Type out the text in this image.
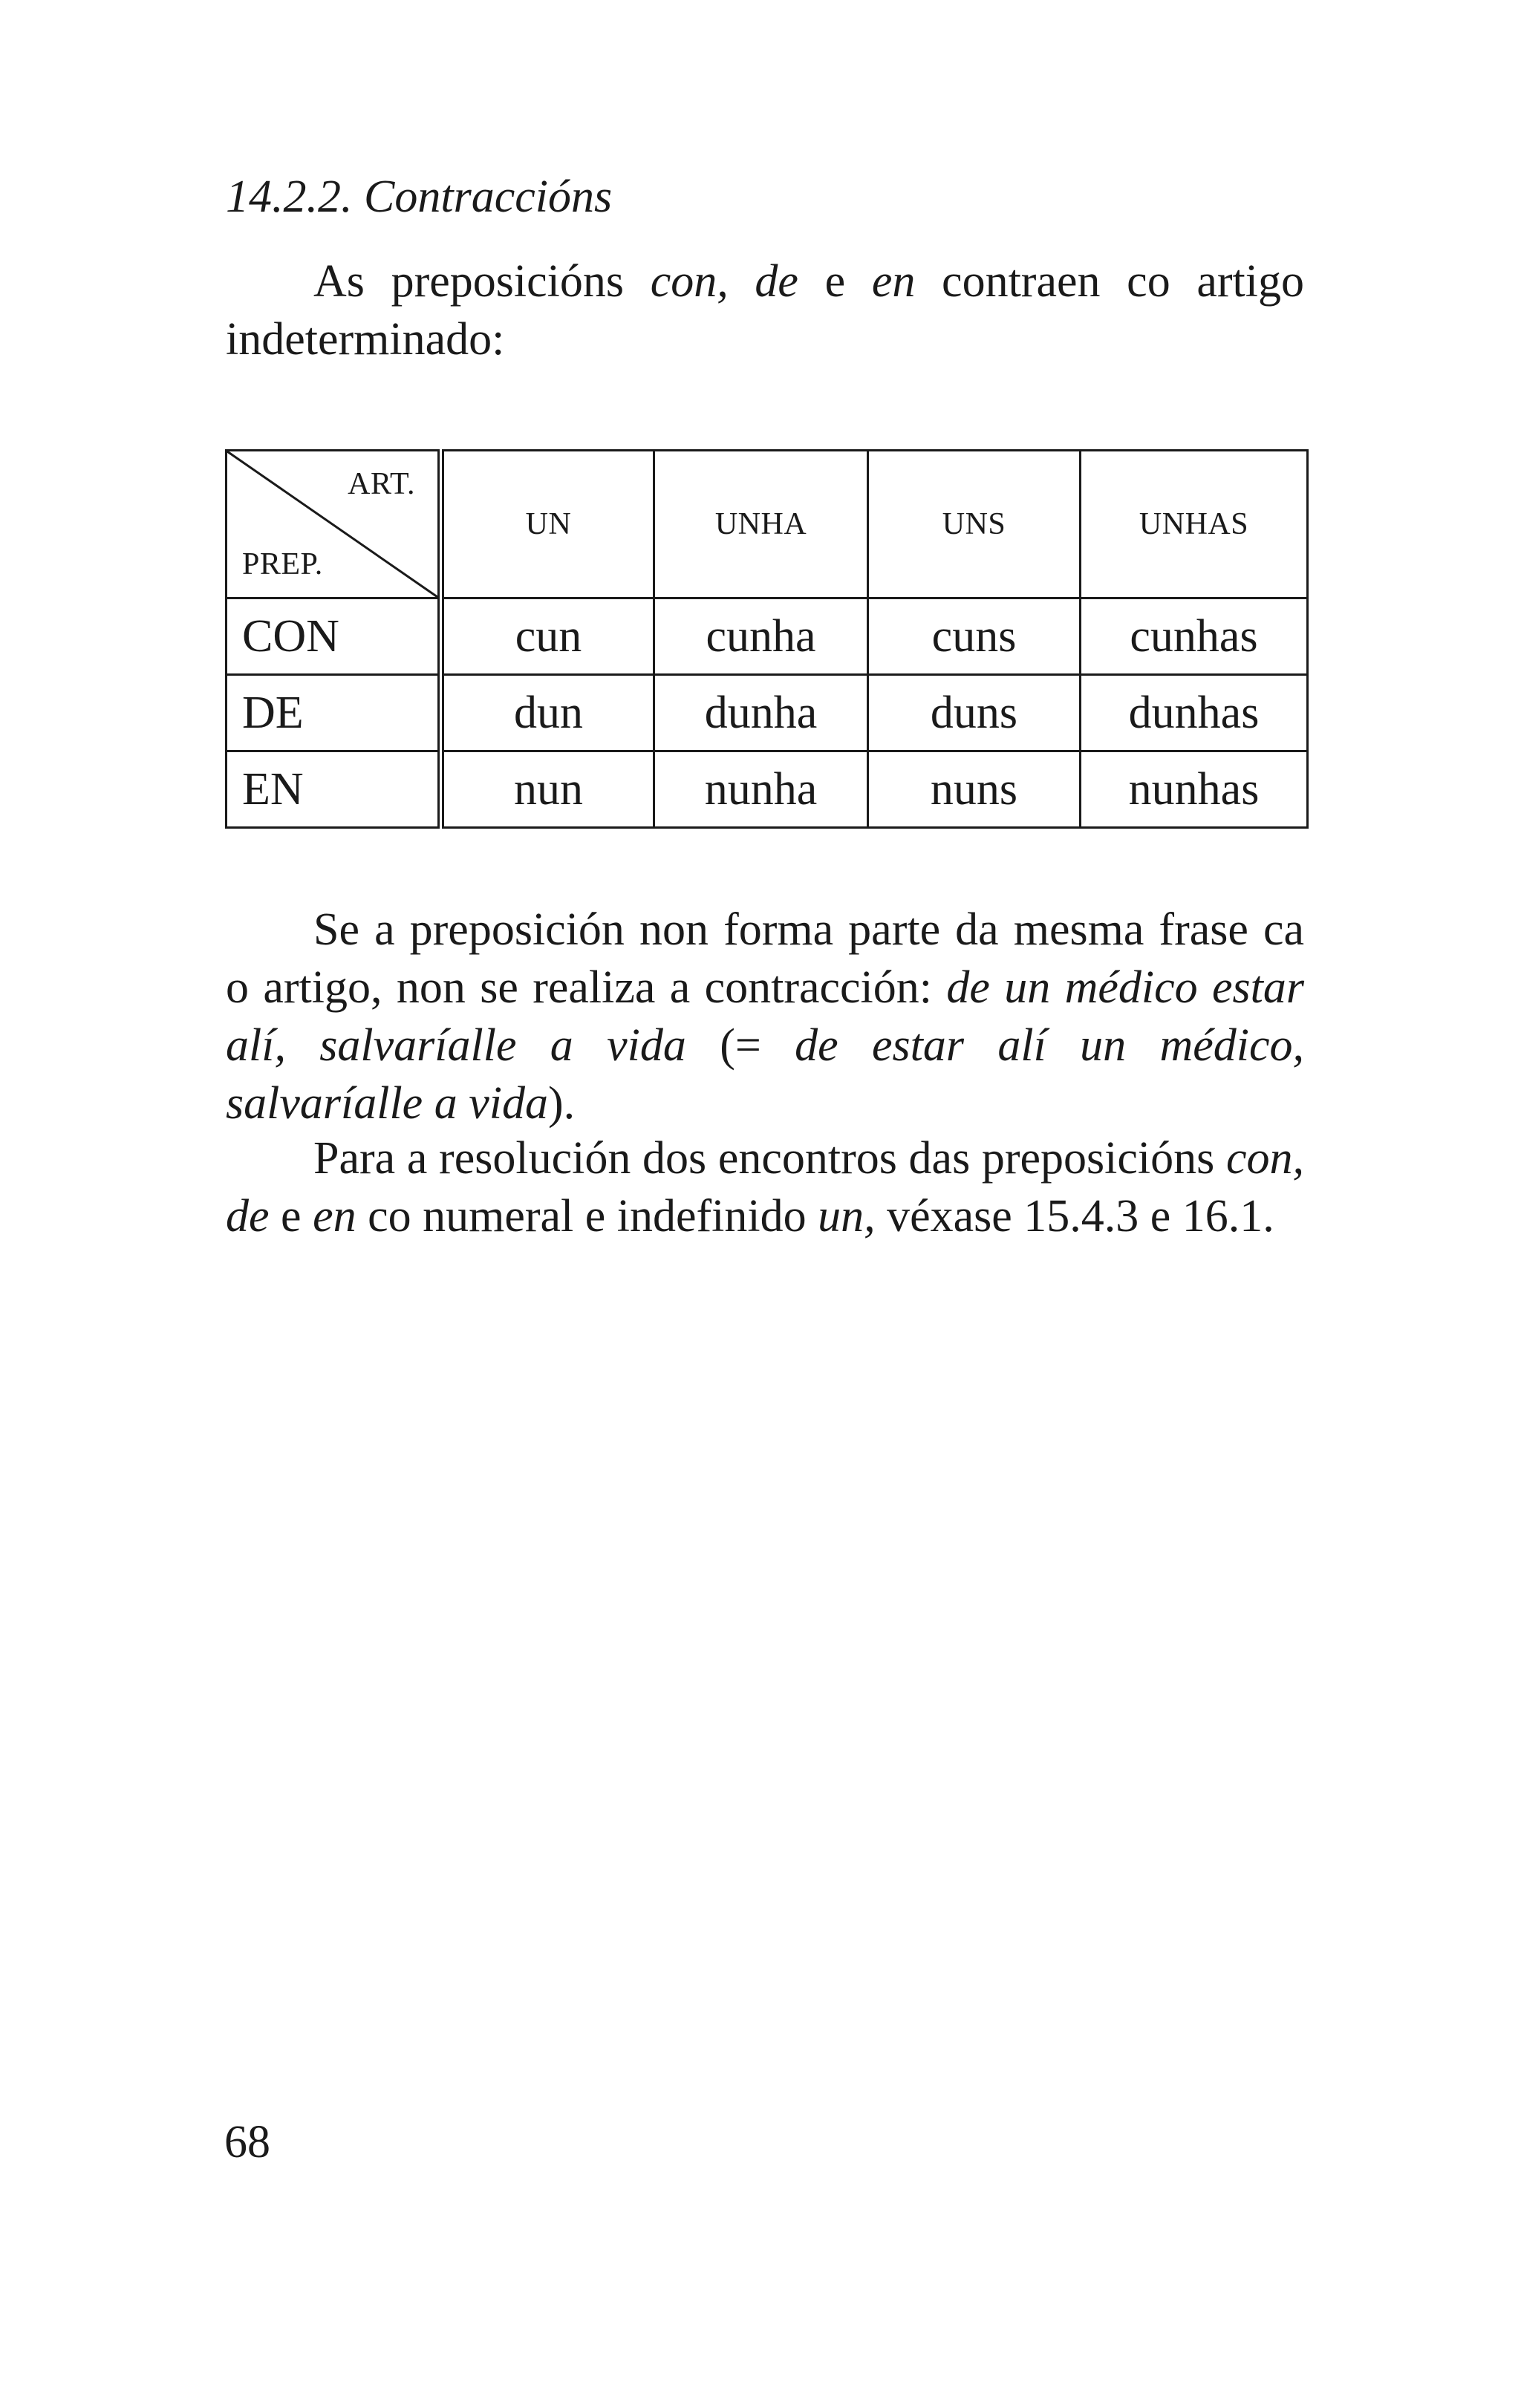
14.2.2. Contraccións

As preposicións con, de e en contraen co artigo indeterminado:

ART.
PREP.	UN	UNHA	UNS	UNHAS
CON	cun	cunha	cuns	cunhas
DE	dun	dunha	duns	dunhas
EN	nun	nunha	nuns	nunhas

Se a preposición non forma parte da mesma frase ca o artigo, non se realiza a contracción: de un médico estar alí, salvaríalle a vida (= de estar alí un médico, salvaríalle a vida).

Para a resolución dos encontros das preposicións con, de e en co numeral e indefinido un, véxase 15.4.3 e 16.1.

68
